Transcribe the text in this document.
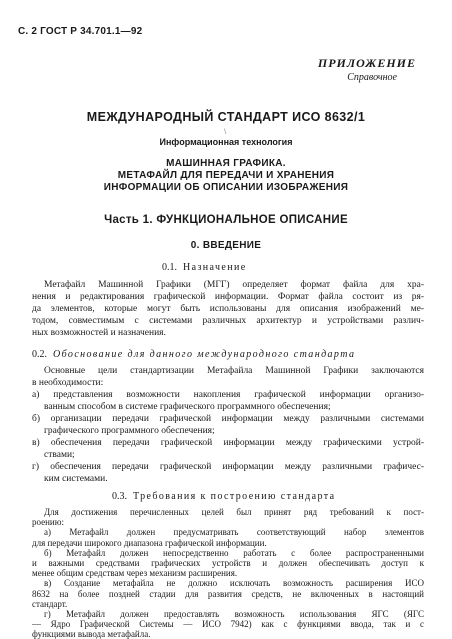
С. 2 ГОСТ Р 34.701.1—92
ПРИЛОЖЕНИЕ
Справочное
МЕЖДУНАРОДНЫЙ СТАНДАРТ ИСО 8632/1
\
Информационная технология
МАШИННАЯ ГРАФИКА.
МЕТАФАЙЛ ДЛЯ ПЕРЕДАЧИ И ХРАНЕНИЯ
ИНФОРМАЦИИ ОБ ОПИСАНИИ ИЗОБРАЖЕНИЯ
Часть 1. ФУНКЦИОНАЛЬНОЕ ОПИСАНИЕ
0. ВВЕДЕНИЕ
0.1. Назначение
Метафайл Машинной Графики (МГГ) определяет формат файла для хра-
нения и редактирования графической информации. Формат файла состоит из ря-
да элементов, которые могут быть использованы для описания изображений ме-
тодом, совместимым с системами различных архитектур и устройствами различ-
ных возможностей и назначения.
0.2. Обоснование для данного международного стандарта
Основные цели стандартизации Метафайла Машинной Графики заключаются
в необходимости:
а) представления возможности накопления графической информации организо-
ванным способом в системе графического программного обеспечения;
б) организации передачи графической информации между различными системами
графического программного обеспечения;
в) обеспечения передачи графической информации между графическими устрой-
ствами;
г) обеспечения передачи графической информации между различными графичес-
ким системами.
0.3. Требования к построению стандарта
Для достижения перечисленных целей был принят ряд требований к пост-
роению:
а) Метафайл должен предусматривать соответствующий набор элементов
для передачи широкого диапазона графической информации.
б) Метафайл должен непосредственно работать с более распространенными
и важными средствами графических устройств и должен обеспечивать доступ к
менее общим средствам через механизм расширения.
в) Создание метафайла не должно исключать возможность расширения ИСО
8632 на более поздней стадии для развития средств, не включенных в настоящий
стандарт.
г) Метафайл должен предоставлять возможность использования ЯГС (ЯГС
— Ядро Графической Системы — ИСО 7942) как с функциями ввода, так и с
функциями вывода метафайла.
